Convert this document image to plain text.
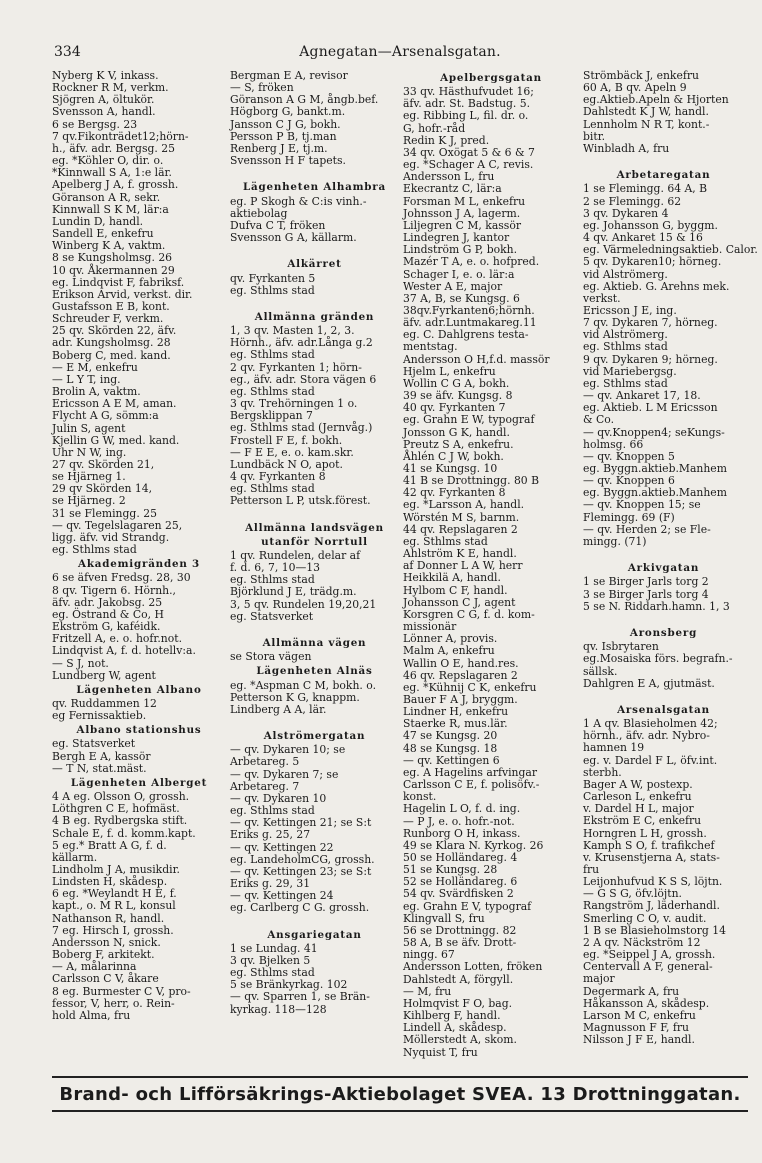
334	Agnegatan—Arsenalsgatan.
Nyberg K V, inkass.
Rockner R M, verkm.
Sjögren A, öltukör.
Svensson A, handl.
6 se Bergsg. 23
7 qv.Fikonträdet12;hörn-
h., äfv. adr. Bergsg. 25
eg. *Köhler O, dir. o.
*Kinnwall S A, 1:e lär.
Apelberg J A, f. grossh.
Göranson A R, sekr.
Kinnwall S K M, lär:a
Lundin D, handl.
Sandell E, enkefru
Winberg K A, vaktm.
8 se Kungsholmsg. 26
10 qv. Åkermannen 29
eg. Lindqvist F, fabriksf.
Erikson Arvid, verkst. dir.
Gustafsson E B, kont.
Schreuder F, verkm.
25 qv. Skörden 22, äfv.
adr. Kungsholmsg. 28
Boberg C, med. kand.
— E M, enkefru
— L Y T, ing.
Brolin A, vaktm.
Ericsson A E M, aman.
Flycht A G, sömm:a
Julin S, agent
Kjellin G W, med. kand.
Uhr N W, ing.
27 qv. Skörden 21,
se Hjärneg 1.
29 qv Skörden 14,
se Hjärneg. 2
31 se Flemingg. 25
— qv. Tegelslagaren 25,
ligg. äfv. vid Strandg.
eg. Sthlms stad
Akademigränden 3
6 se äfven Fredsg. 28, 30
8 qv. Tigern 6. Hörnh.,
äfv. adr. Jakobsg. 25
eg. Östrand & Co, H
Ekström G, kaféidk.
Fritzell A, e. o. hofr.not.
Lindqvist A, f. d. hotellv:a.
— S J, not.
Lundberg W, agent
Lägenheten Albano
qv. Ruddammen 12
eg Fernissaktieb.
Albano stationshus
eg. Statsverket
Bergh E A, kassör
— T N, stat.mäst.
Lägenheten Alberget
4 A eg. Olsson O, grossh.
Löthgren C E, hofmäst.
4 B eg. Rydbergska stift.
Schale E, f. d. komm.kapt.
5 eg.* Bratt A G, f. d.
källarm.
Lindholm J A, musikdir.
Lindsten H, skådesp.
6 eg. *Weylandt H E, f.
kapt., o. M R L, konsul
Nathanson R, handl.
7 eg. Hirsch I, grossh.
Andersson N, snick.
Boberg F, arkitekt.
— A, målarinna
Carlsson C V, åkare
8 eg. Burmester C V, pro-
fessor, V, herr, o. Rein-
hold Alma, fru
Bergman E A, revisor
— S, fröken
Göranson A G M, ångb.bef.
Högborg G, bankt.m.
Jansson C J G, bokh.
Persson P B, tj.man
Renberg J E, tj.m.
Svensson H F tapets.

Lägenheten Alhambra
eg. P Skogh & C:is vinh.-
aktiebolag
Dufva C T, fröken
Svensson G A, källarm.

Alkärret
qv. Fyrkanten 5
eg. Sthlms stad

Allmänna gränden
1, 3 qv. Masten 1, 2, 3.
Hörnh., äfv. adr.Långa g.2
eg. Sthlms stad
2 qv. Fyrkanten 1; hörn-
eg., äfv. adr. Stora vägen 6
eg. Sthlms stad
3 qv. Trehörningen 1 o.
Bergsklippan 7
eg. Sthlms stad (Jernvåg.)
Frostell F E, f. bokh.
— F E E, e. o. kam.skr.
Lundbäck N O, apot.
4 qv. Fyrkanten 8
eg. Sthlms stad
Petterson L P, utsk.förest.

Allmänna landsvägen
utanför Norrtull
1 qv. Rundelen, delar af
f. d. 6, 7, 10—13
eg. Sthlms stad
Björklund J E, trädg.m.
3, 5 qv. Rundelen 19,20,21
eg. Statsverket

Allmänna vägen
se Stora vägen
Lägenheten Alnäs
eg. *Aspman C M, bokh. o.
Petterson K G, knappm.
Lindberg A A, lär.

Alströmergatan
— qv. Dykaren 10; se
Arbetareg. 5
— qv. Dykaren 7; se
Arbetareg. 7
— qv. Dykaren 10
eg. Sthlms stad
— qv. Kettingen 21; se S:t
Eriks g. 25, 27
— qv. Kettingen 22
eg. LandeholmCG, grossh.
— qv. Kettingen 23; se S:t
Eriks g. 29, 31
— qv. Kettingen 24
eg. Carlberg C G. grossh.

Ansgariegatan
1 se Lundag. 41
3 qv. Bjelken 5
eg. Sthlms stad
5 se Bränkyrkag. 102
— qv. Sparren 1, se Brän-
kyrkag. 118—128
Apelbergsgatan
33 qv. Hästhufvudet 16;
äfv. adr. St. Badstug. 5.
eg. Ribbing L, fil. dr. o.
G, hofr.-råd
Redin K J, pred.
34 qv. Oxögat 5 & 6 & 7
eg. *Schager A C, revis.
Andersson L, fru
Ekecrantz C, lär:a
Forsman M L, enkefru
Johnsson J A, lagerm.
Liljegren C M, kassör
Lindegren J, kantor
Lindström G P, bokh.
Mazér T A, e. o. hofpred.
Schager I, e. o. lär:a
Wester A E, major
37 A, B, se Kungsg. 6
38qv.Fyrkanten6;hörnh.
äfv. adr.Luntmakareg.11
eg. C. Dahlgrens testa-
mentstag.
Andersson O H,f.d. massör
Hjelm L, enkefru
Wollin C G A, bokh.
39 se äfv. Kungsg. 8
40 qv. Fyrkanten 7
eg. Grahn E W, typograf
Jonsson G K, handl.
Preutz S A, enkefru.
Åhlén C J W, bokh.
41 se Kungsg. 10
41 B se Drottningg. 80 B
42 qv. Fyrkanten 8
eg. *Larsson A, handl.
Wörstén M S, barnm.
44 qv. Repslagaren 2
eg. Sthlms stad
Ahlström K E, handl.
af Donner L A W, herr
Heikkilä A, handl.
Hylbom C F, handl.
Johansson C J, agent
Korsgren C G, f. d. kom-
missionär
Lönner A, provis.
Malm A, enkefru
Wallin O E, hand.res.
46 qv. Repslagaren 2
eg. *Kühnij C K, enkefru
Bauer F A J, bryggm.
Lindner H, enkefru
Staerke R, mus.lär.
47 se Kungsg. 20
48 se Kungsg. 18
— qv. Kettingen 6
eg. A Hagelins arfvingar
Carlsson C E, f. polisöfv.-
konst.
Hagelin L O, f. d. ing.
— P J, e. o. hofr.-not.
Runborg O H, inkass.
49 se Klara N. Kyrkog. 26
50 se Holländareg. 4
51 se Kungsg. 28
52 se Holländareg. 6
54 qv. Svärdfisken 2
eg. Grahn E V, typograf
Klingvall S, fru
56 se Drottningg. 82
58 A, B se äfv. Drott-
ningg. 67
Andersson Lotten, fröken
Dahlstedt A, förgyll.
— M, fru
Holmqvist F O, bag.
Kihlberg F, handl.
Lindell A, skådesp.
Möllerstedt A, skom.
Nyquist T, fru
Strömbäck J, enkefru
60 A, B qv. Apeln 9
eg.Aktieb.Apeln & Hjorten
Dahlstedt K J W, handl.
Lennholm N R T, kont.-
bitr.
Winbladh A, fru

Arbetaregatan
1 se Flemingg. 64 A, B
2 se Flemingg. 62
3 qv. Dykaren 4
eg. Johansson G, byggm.
4 qv. Ankaret 15 & 16
eg. Värmeledningsaktieb. Calor.
5 qv. Dykaren10; hörneg.
vid Alströmerg.
eg. Aktieb. G. Arehns mek.
verkst.
Ericsson J E, ing.
7 qv. Dykaren 7, hörneg.
vid Alströmerg.
eg. Sthlms stad
9 qv. Dykaren 9; hörneg.
vid Mariebergsg.
eg. Sthlms stad
— qv. Ankaret 17, 18.
eg. Aktieb. L M Ericsson
& Co.
— qv.Knoppen4; seKungs-
holmsg. 66
— qv. Knoppen 5
eg. Byggn.aktieb.Manhem
— qv. Knoppen 6
eg. Byggn.aktieb.Manhem
— qv. Knoppen 15; se
Flemingg. 69 (F)
— qv. Herden 2; se Fle-
mingg. (71)

Arkivgatan
1 se Birger Jarls torg 2
3 se Birger Jarls torg 4
5 se N. Riddarh.hamn. 1, 3

Aronsberg
qv. Isbrytaren
eg.Mosaiska förs. begrafn.-
sällsk.
Dahlgren E A, gjutmäst.

Arsenalsgatan
1 A qv. Blasieholmen 42;
hörnh., äfv. adr. Nybro-
hamnen 19
eg. v. Dardel F L, öfv.int.
sterbh.
Bager A W, postexp.
Carleson L, enkefru
v. Dardel H L, major
Ekström E C, enkefru
Horngren L H, grossh.
Kamph S O, f. trafikchef
v. Krusenstjerna A, stats-
fru
Leijonhufvud K S S, löjtn.
— G S G, öfv.löjtn.
Rangström J, läderhandl.
Smerling C O, v. audit.
1 B se Blasieholmstorg 14
2 A qv. Näckström 12
eg. *Seippel J A, grossh.
Centervall A F, general-
major
Degermark A, fru
Håkansson A, skådesp.
Larson M C, enkefru
Magnusson F F, fru
Nilsson J F E, handl.
Brand- och Lifförsäkrings-Aktiebolaget SVEA. 13 Drottninggatan.
